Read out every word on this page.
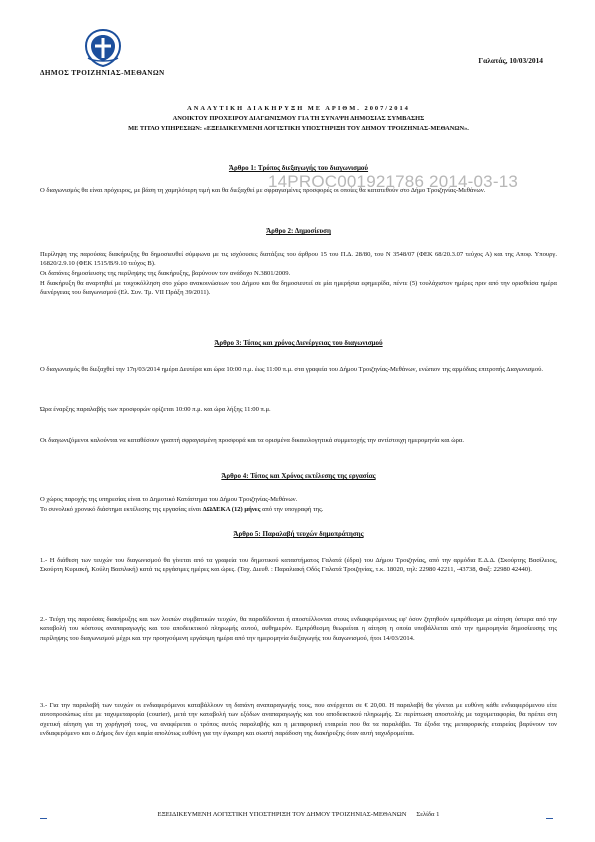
ΔΗΜΟΣ ΤΡΟΙΖΗΝΙΑΣ-ΜΕΘΑΝΩΝ
Γαλατάς, 10/03/2014
ΑΝΑΛΥΤΙΚΗ ΔΙΑΚΗΡΥΞΗ ΜΕ ΑΡΙΘΜ. 2007/2014
ΑΝΟΙΚΤΟΥ ΠΡΟΧΕΙΡΟΥ ΔΙΑΓΩΝΙΣΜΟΥ ΓΙΑ ΤΗ ΣΥΝΑΨΗ ΔΗΜΟΣΙΑΣ ΣΥΜΒΑΣΗΣ
ΜΕ ΤΙΤΛΟ ΥΠΗΡΕΣΙΩΝ: «ΕΞΕΙΔΙΚΕΥΜΕΝΗ ΛΟΓΙΣΤΙΚΗ ΥΠΟΣΤΗΡΙΞΗ ΤΟΥ ΔΗΜΟΥ ΤΡΟΙΖΗΝΙΑΣ-ΜΕΘΑΝΩΝ».
Άρθρο 1: Τρόπος διεξαγωγής του διαγωνισμού
Ο διαγωνισμός θα είναι πρόχειρος, με βάση τη χαμηλότερη τιμή και θα διεξαχθεί με σφραγισμένες προσφορές οι οποίες θα κατατεθούν στο Δήμο Τροιζηνίας-Μεθάνων.
14PROC001921786 2014-03-13
Άρθρο 2: Δημοσίευση
Περίληψη της παρούσας διακήρυξης θα δημοσιευθεί σύμφωνα με τις ισχύουσες διατάξεις του άρθρου 15 του Π.Δ. 28/80, του Ν 3548/07 (ΦΕΚ 68/20.3.07 τεύχος Α) και της Αποφ. Υπουργ. 16820/2.9.10 (ΦΕΚ 1515/Β/9.10 τεύχος Β).
Οι δαπάνες δημοσίευσης της περίληψης της διακήρυξης, βαρύνουν τον ανάδοχο Ν.3801/2009.
Η διακήρυξη θα αναρτηθεί με τοιχοκόλληση στο χώρο ανακοινώσεων του Δήμου και θα δημοσιευτεί σε μία ημερήσια εφημερίδα, πέντε (5) τουλάχιστον ημέρες πριν από την ορισθείσα ημέρα διενέργειας του διαγωνισμού (Ελ. Συν. Τμ. VII Πράξη 39/2011).
Άρθρο 3: Τόπος και χρόνος Διενέργειας του διαγωνισμού
Ο διαγωνισμός θα διεξαχθεί την 17η/03/2014 ημέρα Δευτέρα και ώρα 10:00 π.μ. έως 11:00 π.μ. στα γραφεία του Δήμου Τροιζηνίας-Μεθάνων, ενώπιον της αρμόδιας επιτροπής Διαγωνισμού.
Ώρα έναρξης παραλαβής των προσφορών ορίζεται 10:00 π.μ. και ώρα λήξης 11:00 π.μ.
Οι διαγωνιζόμενοι καλούνται να καταθέσουν γραπτή σφραγισμένη προσφορά και τα ορισμένα δικαιολογητικά συμμετοχής την αντίστοιχη ημερομηνία και ώρα.
Άρθρο 4: Τόπος και Χρόνος εκτέλεσης της εργασίας
Ο χώρος παροχής της υπηρεσίας είναι το Δημοτικό Κατάστημα του Δήμου Τροιζηνίας-Μεθάνων.
Το συνολικό χρονικό διάστημα εκτέλεσης της εργασίας είναι ΔΩΔΕΚΑ (12) μήνες από την υπογραφή της.
Άρθρο 5: Παραλαβή τευχών δημοπράτησης
1.- Η διάθεση των τευχών του διαγωνισμού θα γίνεται από τα γραφεία του δημοτικού καταστήματος Γαλατά (έδρα) του Δήμου Τροιζηνίας, από την αρμόδια Ε.Δ.Δ. (Σκούρτης Βασίλειος, Σκούρτη Κυριακή, Κούλη Βασιλική) κατά τις εργάσιμες ημέρες και ώρες. (Ταχ. Διευθ. : Παραλιακή Οδός Γαλατά Τροιζηνίας, τ.κ. 18020, τηλ: 22980 42211, -43738, Φαξ: 22980 42440).
2.- Τεύχη της παρούσας διακήρυξης και των λοιπών συμβατικών τευχών, θα παραδίδονται ή αποστέλλονται στους ενδιαφερόμενους εφ' όσον ζητηθούν εμπρόθεσμα με αίτηση ύστερα από την καταβολή του κόστους αναπαραγωγής και του αποδεικτικού πληρωμής αυτού, αυθημερόν. Εμπρόθεσμη θεωρείται η αίτηση η οποία υποβάλλεται από την ημερομηνία δημοσίευσης της περίληψης του διαγωνισμού μέχρι και την προηγούμενη εργάσιμη ημέρα από την ημερομηνία διεξαγωγής του διαγωνισμού, ήτοι 14/03/2014.
3.- Για την παραλαβή των τευχών οι ενδιαφερόμενοι καταβάλλουν τη δαπάνη αναπαραγωγής τους, που ανέρχεται σε € 20,00. Η παραλαβή θα γίνεται με ευθύνη κάθε ενδιαφερόμενου είτε αυτοπροσώπως είτε με ταχυμεταφορία (courier), μετά την καταβολή των εξόδων αναπαραγωγής και του αποδεικτικού πληρωμής. Σε περίπτωση αποστολής με ταχυμεταφορία, θα πρέπει στη σχετική αίτηση για τη χορήγησή τους, να αναφέρεται ο τρόπος αυτός παραλαβής και η μεταφορική εταιρεία που θα τα παραλάβει. Τα έξοδα της μεταφορικής εταιρείας βαρύνουν τον ενδιαφερόμενο και ο Δήμος δεν έχει καμία απολύτως ευθύνη για την έγκαιρη και σωστή παράδοση της διακήρυξης όταν αυτή ταχυδρομείται.
ΕΞΕΙΔΙΚΕΥΜΕΝΗ ΛΟΓΙΣΤΙΚΗ ΥΠΟΣΤΗΡΙΞΗ ΤΟΥ ΔΗΜΟΥ ΤΡΟΙΖΗΝΙΑΣ-ΜΕΘΑΝΩΝ Σελίδα 1
